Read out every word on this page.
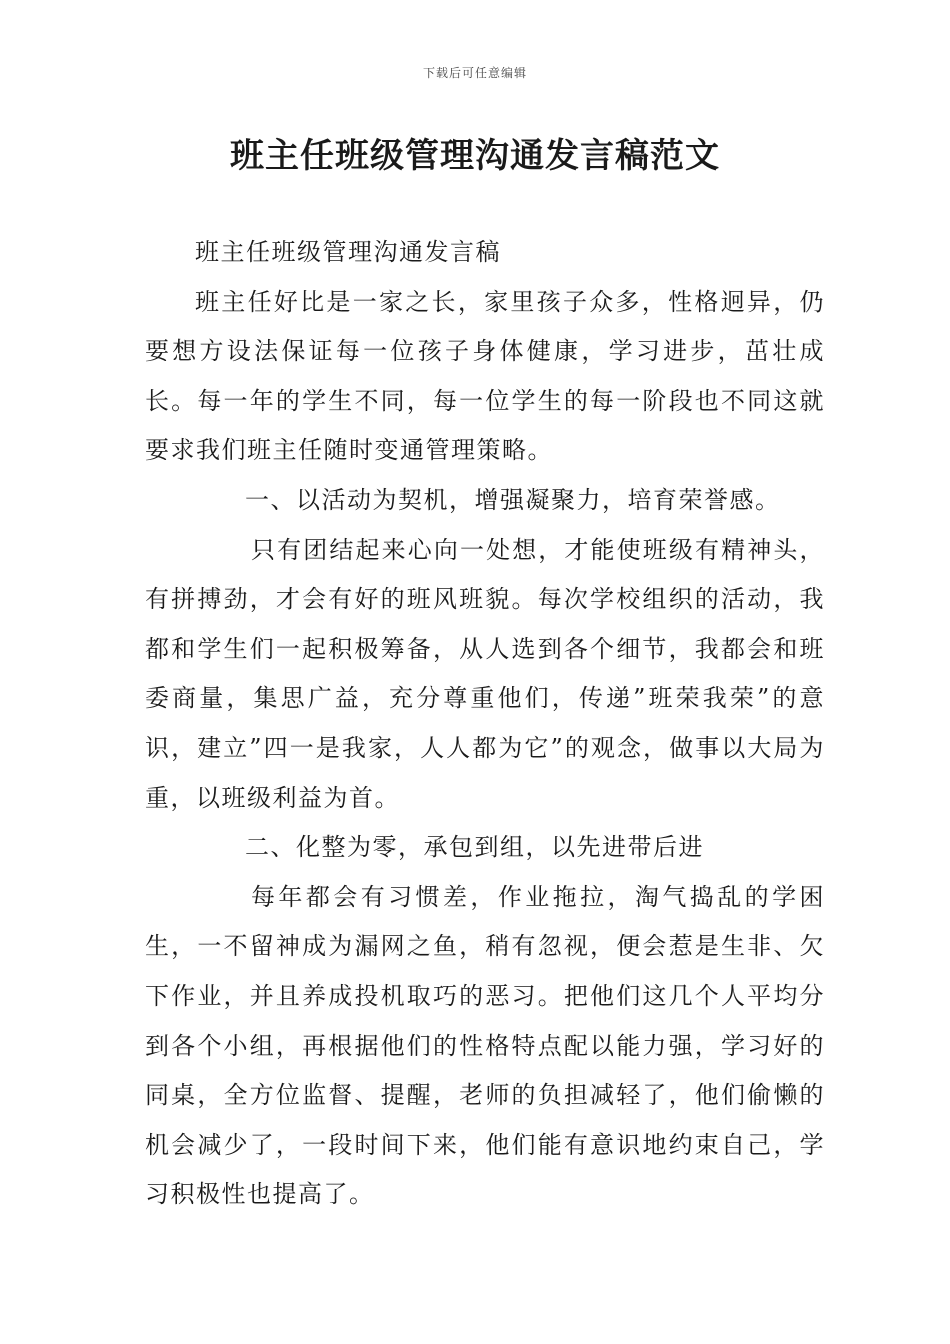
下载后可任意编辑
班主任班级管理沟通发言稿范文

班主任班级管理沟通发言稿

班主任好比是一家之长，家里孩子众多，性格迥异，仍要想方设法保证每一位孩子身体健康，学习进步，茁壮成长。每一年的学生不同，每一位学生的每一阶段也不同这就要求我们班主任随时变通管理策略。

一、以活动为契机，增强凝聚力，培育荣誉感。

只有团结起来心向一处想，才能使班级有精神头，有拼搏劲，才会有好的班风班貌。每次学校组织的活动，我都和学生们一起积极筹备，从人选到各个细节，我都会和班委商量，集思广益，充分尊重他们，传递”班荣我荣”的意识，建立”四一是我家，人人都为它”的观念，做事以大局为重，以班级利益为首。

二、化整为零，承包到组，以先进带后进

每年都会有习惯差，作业拖拉，淘气捣乱的学困生，一不留神成为漏网之鱼，稍有忽视，便会惹是生非、欠下作业，并且养成投机取巧的恶习。把他们这几个人平均分到各个小组，再根据他们的性格特点配以能力强，学习好的同桌，全方位监督、提醒，老师的负担减轻了，他们偷懒的机会减少了，一段时间下来，他们能有意识地约束自己，学习积极性也提高了。
